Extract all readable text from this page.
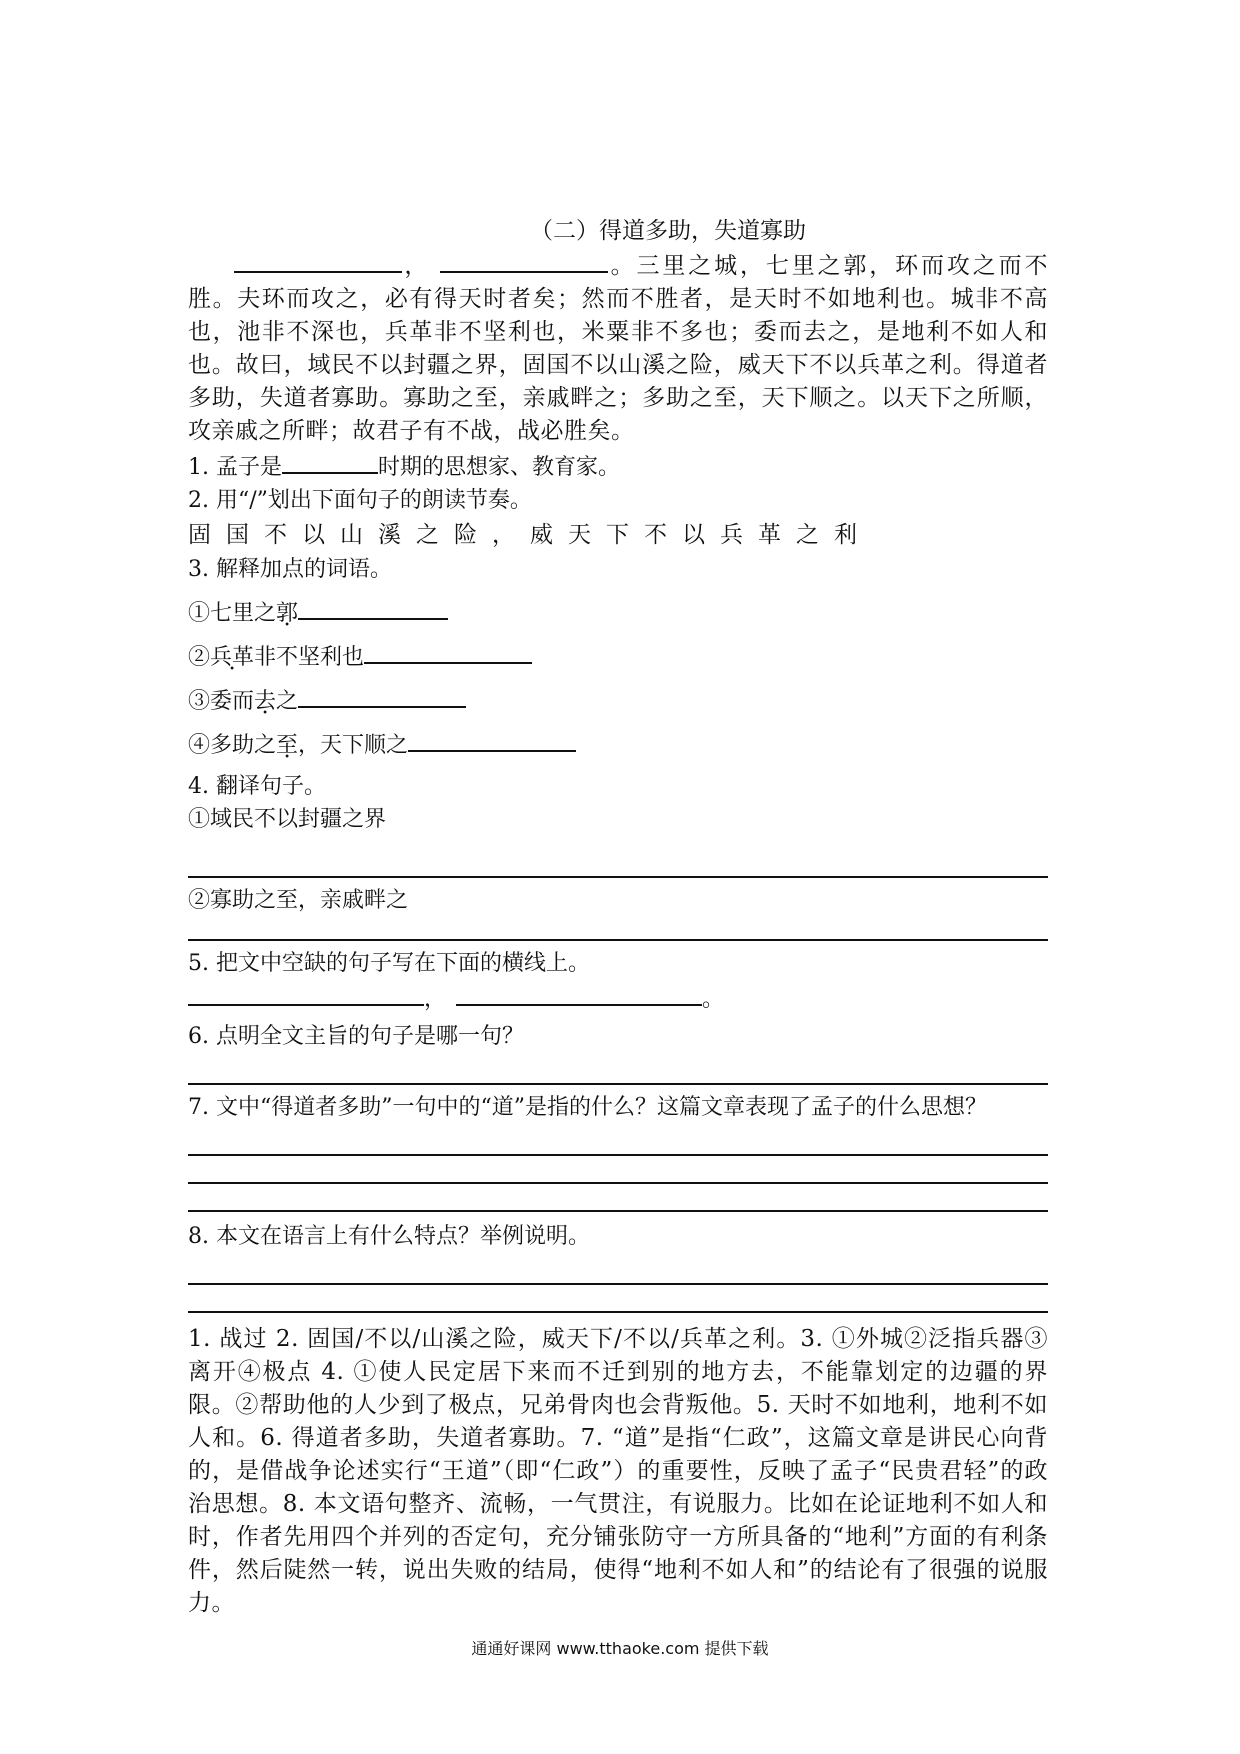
（二）得道多助，失道寡助
，	。三里之城，七里之郭，环而攻之而不胜。夫环而攻之，必有得天时者矣；然而不胜者，是天时不如地利也。城非不高也，池非不深也，兵革非不坚利也，米粟非不多也；委而去之，是地利不如人和也。故曰，域民不以封疆之界，固国不以山溪之险，威天下不以兵革之利。得道者多助，失道者寡助。寡助之至，亲戚畔之；多助之至，天下顺之。以天下之所顺，攻亲戚之所畔；故君子有不战，战必胜矣。

1. 孟子是	时期的思想家、教育家。

2. 用“/”划出下面句子的朗读节奏。

固国不以山溪之险，威天下不以兵革之利

3. 解释加点的词语。

①七里之郭
②兵革非不坚利也
③委而去之
④多助之至，天下顺之

4. 翻译句子。

①域民不以封疆之界

②寡助之至，亲戚畔之

5. 把文中空缺的句子写在下面的横线上。

，	。

6. 点明全文主旨的句子是哪一句？

7. 文中“得道者多助”一句中的“道”是指的什么？这篇文章表现了孟子的什么思想？

8. 本文在语言上有什么特点？举例说明。

1. 战过 2. 固国/不以/山溪之险，威天下/不以/兵革之利。3. ①外城②泛指兵器③离开④极点 4. ①使人民定居下来而不迁到别的地方去，不能靠划定的边疆的界限。②帮助他的人少到了极点，兄弟骨肉也会背叛他。5. 天时不如地利，地利不如人和。6. 得道者多助，失道者寡助。7. “道”是指“仁政”，这篇文章是讲民心向背的，是借战争论述实行“王道”（即“仁政”）的重要性，反映了孟子“民贵君轻”的政治思想。8. 本文语句整齐、流畅，一气贯注，有说服力。比如在论证地利不如人和时，作者先用四个并列的否定句，充分铺张防守一方所具备的“地利”方面的有利条件，然后陡然一转，说出失败的结局，使得“地利不如人和”的结论有了很强的说服力。
通通好课网 www.tthaoke.com 提供下载
